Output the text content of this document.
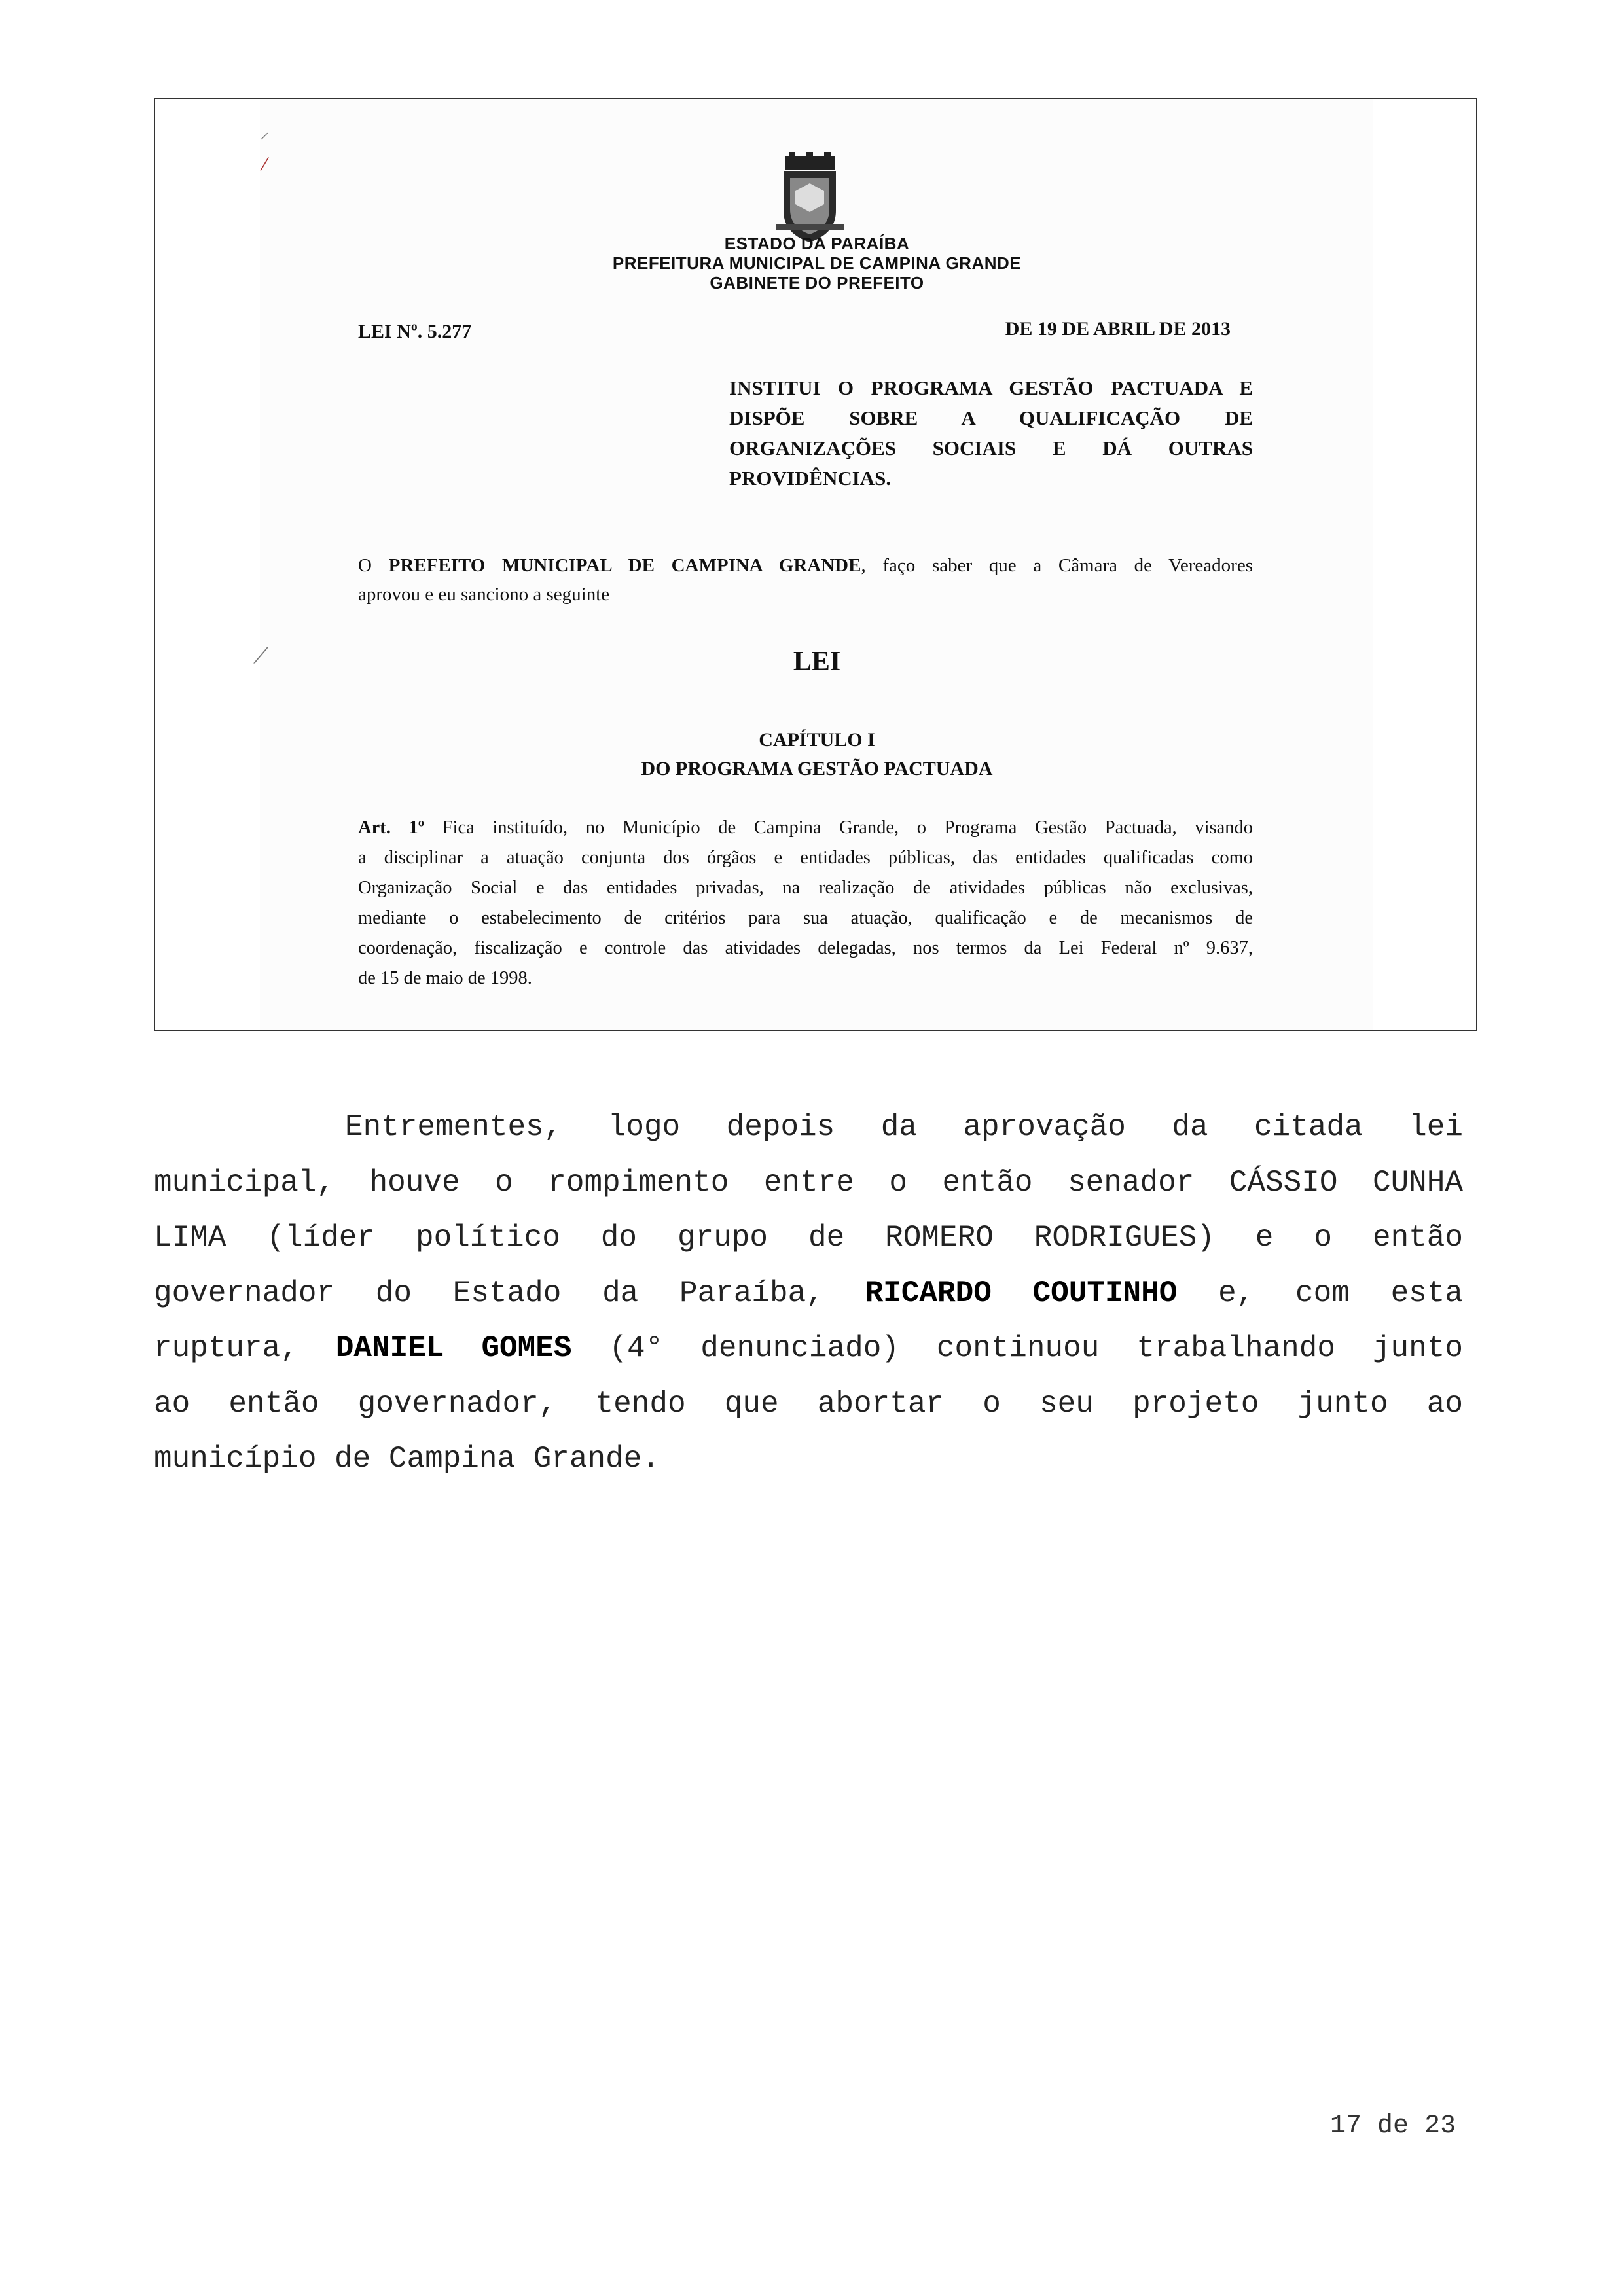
⸝
⁄
⟋
ESTADO DA PARAÍBA
PREFEITURA MUNICIPAL DE CAMPINA GRANDE
GABINETE DO PREFEITO
LEI Nº. 5.277	DE 19 DE ABRIL DE 2013
INSTITUI O PROGRAMA GESTÃO PACTUADA E
DISPÕE SOBRE A QUALIFICAÇÃO DE
ORGANIZAÇÕES SOCIAIS E DÁ OUTRAS
PROVIDÊNCIAS.
O PREFEITO MUNICIPAL DE CAMPINA GRANDE, faço saber que a Câmara de Vereadores
aprovou e eu sanciono a seguinte
LEI
CAPÍTULO I
DO PROGRAMA GESTÃO PACTUADA
Art. 1º Fica instituído, no Município de Campina Grande, o Programa Gestão Pactuada, visando
a disciplinar a atuação conjunta dos órgãos e entidades públicas, das entidades qualificadas como
Organização Social e das entidades privadas, na realização de atividades públicas não exclusivas,
mediante o estabelecimento de critérios para sua atuação, qualificação e de mecanismos de
coordenação, fiscalização e controle das atividades delegadas, nos termos da Lei Federal nº 9.637,
de 15 de maio de 1998.
Entrementes, logo depois da aprovação da citada lei
municipal, houve o rompimento entre o então senador CÁSSIO CUNHA
LIMA (líder político do grupo de ROMERO RODRIGUES) e o então
governador do Estado da Paraíba, RICARDO COUTINHO e, com esta
ruptura, DANIEL GOMES (4° denunciado) continuou trabalhando junto
ao então governador, tendo que abortar o seu projeto junto ao
município de Campina Grande.
17 de 23
